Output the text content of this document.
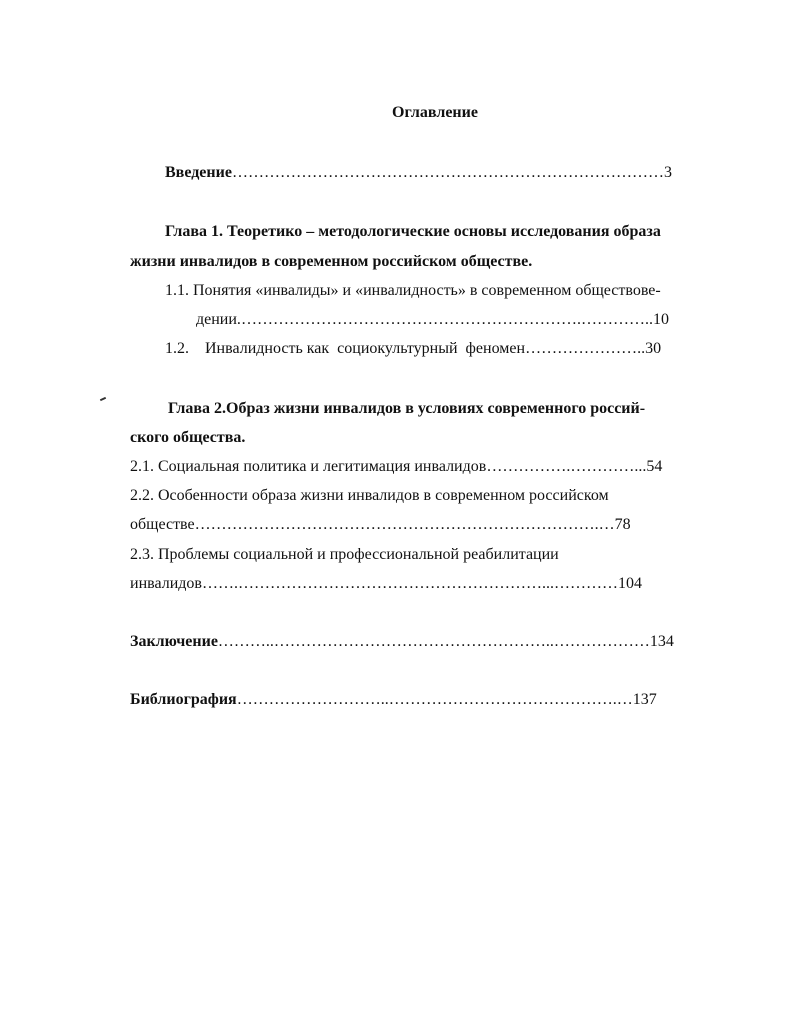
Оглавление
Введение………………………………………………………………………3
Глава 1. Теоретико – методологические основы исследования образа
жизни инвалидов в современном российском обществе.
1.1. Понятия «инвалиды» и «инвалидность» в современном обществове-
дении.……………………………………………………….…………..10
1.2.    Инвалидность как  социокультурный  феномен…………………..30
Глава 2.Образ жизни инвалидов в условиях современного россий-
ского общества.
2.1. Социальная политика и легитимация инвалидов…………….…………...54
2.2. Особенности образа жизни инвалидов в современном российском
обществе………………………………………………………………….…78
2.3. Проблемы социальной и профессиональной реабилитации
инвалидов…….…………………………………………………...…………104
Заключение………..……………………………………………..………………134
Библиография………………………..…………………………………….…137
